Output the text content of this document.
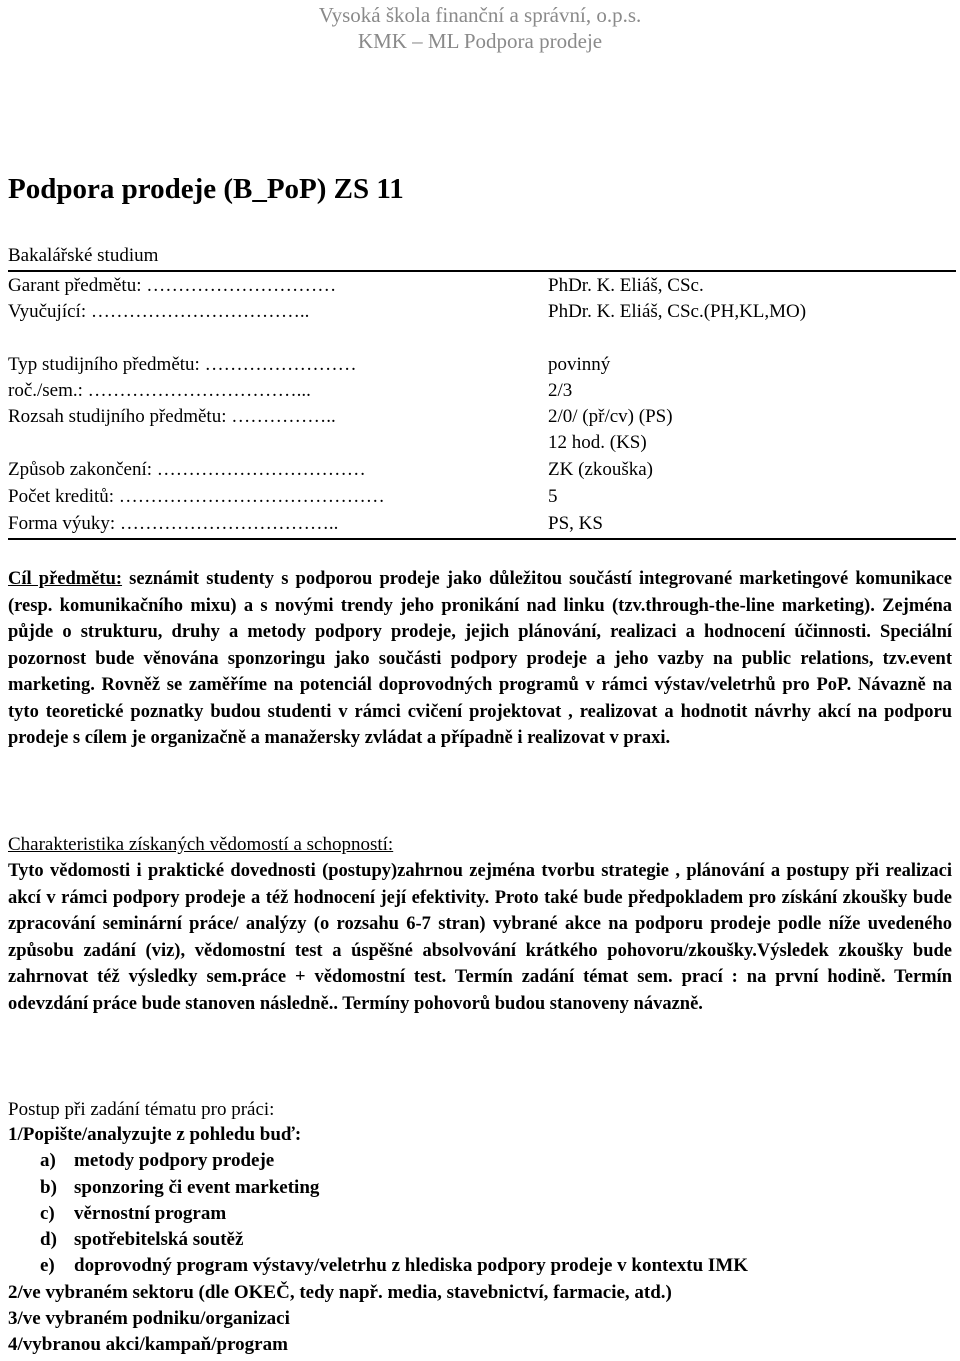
Vysoká škola finanční a správní, o.p.s.
KMK – ML Podpora prodeje
Podpora prodeje (B_PoP) ZS 11
Bakalářské studium
Garant předmětu: …………………………	PhDr. K. Eliáš, CSc.
Vyučující: ……………………………..	PhDr. K. Eliáš, CSc.(PH,KL,MO)
Typ studijního předmětu: ……………………	povinný
roč./sem.: ……………………………...	2/3
Rozsah studijního předmětu: ……………..	2/0/ (př/cv) (PS)
12 hod. (KS)
Způsob zakončení: ……………………………	ZK (zkouška)
Počet kreditů: ……………………………………	5
Forma výuky: ……………………………..	PS, KS

Cíl předmětu: seznámit studenty s podporou prodeje jako důležitou součástí integrované marketingové komunikace (resp. komunikačního mixu) a s novými trendy jeho pronikání nad linku (tzv.through-the-line marketing). Zejména půjde o strukturu, druhy a metody podpory prodeje, jejich plánování, realizaci a hodnocení účinnosti. Speciální pozornost bude věnována sponzoringu jako součásti podpory prodeje a jeho vazby na public relations, tzv.event marketing. Rovněž se zaměříme na potenciál doprovodných programů v rámci výstav/veletrhů pro PoP. Návazně na tyto teoretické poznatky budou studenti v rámci cvičení projektovat , realizovat a hodnotit návrhy akcí na podporu prodeje s cílem je organizačně a manažersky zvládat a případně i realizovat v praxi.

Charakteristika získaných vědomostí a schopností:

Tyto vědomosti i praktické dovednosti (postupy)zahrnou zejména tvorbu strategie , plánování a postupy při realizaci akcí v rámci podpory prodeje a též hodnocení její efektivity. Proto také bude předpokladem pro získání zkoušky bude zpracování seminární práce/ analýzy (o rozsahu 6-7 stran) vybrané akce na podporu prodeje podle níže uvedeného způsobu zadání (viz), vědomostní test a úspěšné absolvování krátkého pohovoru/zkoušky.Výsledek zkoušky bude zahrnovat též výsledky sem.práce + vědomostní test. Termín zadání témat sem. prací : na první hodině. Termín odevzdání práce bude stanoven následně.. Termíny pohovorů budou stanoveny návazně.

Postup při zadání tématu pro práci:
1/Popište/analyzujte z pohledu buď:
a) metody podpory prodeje
b) sponzoring či event marketing
c) věrnostní program
d) spotřebitelská soutěž
e) doprovodný program výstavy/veletrhu z hlediska podpory prodeje v kontextu IMK
2/ve vybraném sektoru (dle OKEČ, tedy např. media, stavebnictví, farmacie, atd.)
3/ve vybraném podniku/organizaci
4/vybranou akci/kampaň/program
